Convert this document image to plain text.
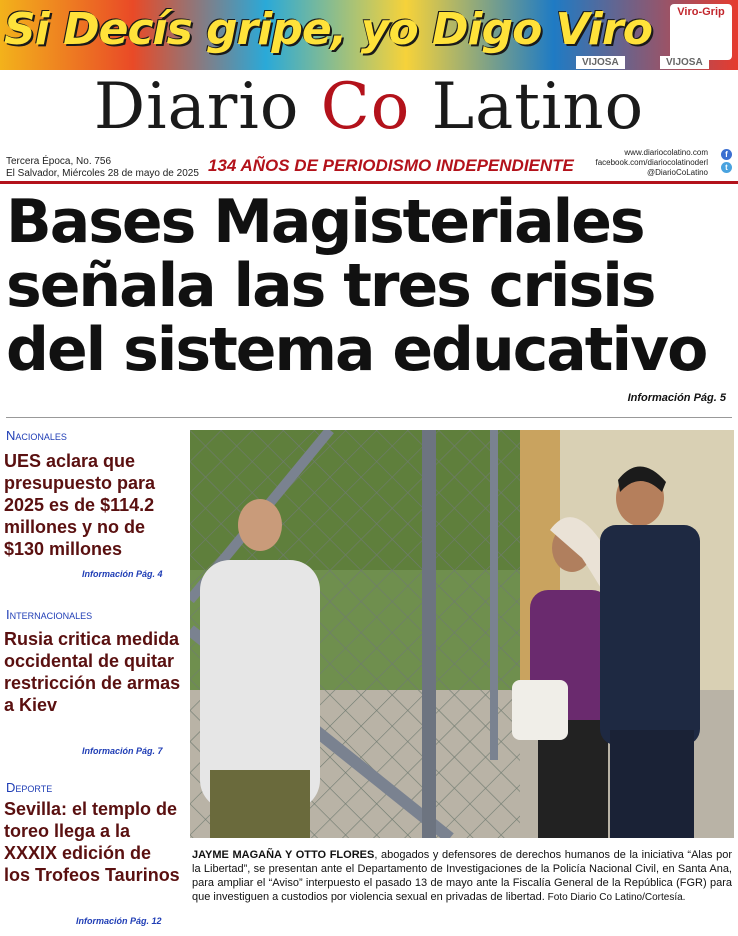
Si Decís gripe, yo Digo Viro	Viro-Grip
VIJOSA	VIJOSA
Diario Co Latino
Tercera Época, No. 756
El Salvador, Miércoles 28 de mayo de 2025 134 AÑOS DE PERIODISMO INDEPENDIENTE
www.diariocolatino.com
facebook.com/diariocolatinoderl
@DiarioCoLatino
f
t
Bases Magisteriales
señala las tres crisis
del sistema educativo
Información Pág. 5
Nacionales
UES aclara que presupuesto para 2025 es de $114.2 millones y no de $130 millones
Información Pág. 4
Internacionales
Rusia critica medida occidental de quitar restricción de armas a Kiev
Información Pág. 7
Deporte
Sevilla: el templo de toreo llega a la XXXIX edición de los Trofeos Taurinos
Información Pág. 12
JAYME MAGAÑA Y OTTO FLORES, abogados y defensores de derechos humanos de la iniciativa “Alas por la Libertad”, se presentan ante el Departamento de Investigaciones de la Policía Nacional Civil, en Santa Ana, para ampliar el “Aviso” interpuesto el pasado 13 de mayo ante la Fiscalía General de la República (FGR) para que investiguen a custodios por violencia sexual en privadas de libertad. Foto Diario Co Latino/Cortesía.
